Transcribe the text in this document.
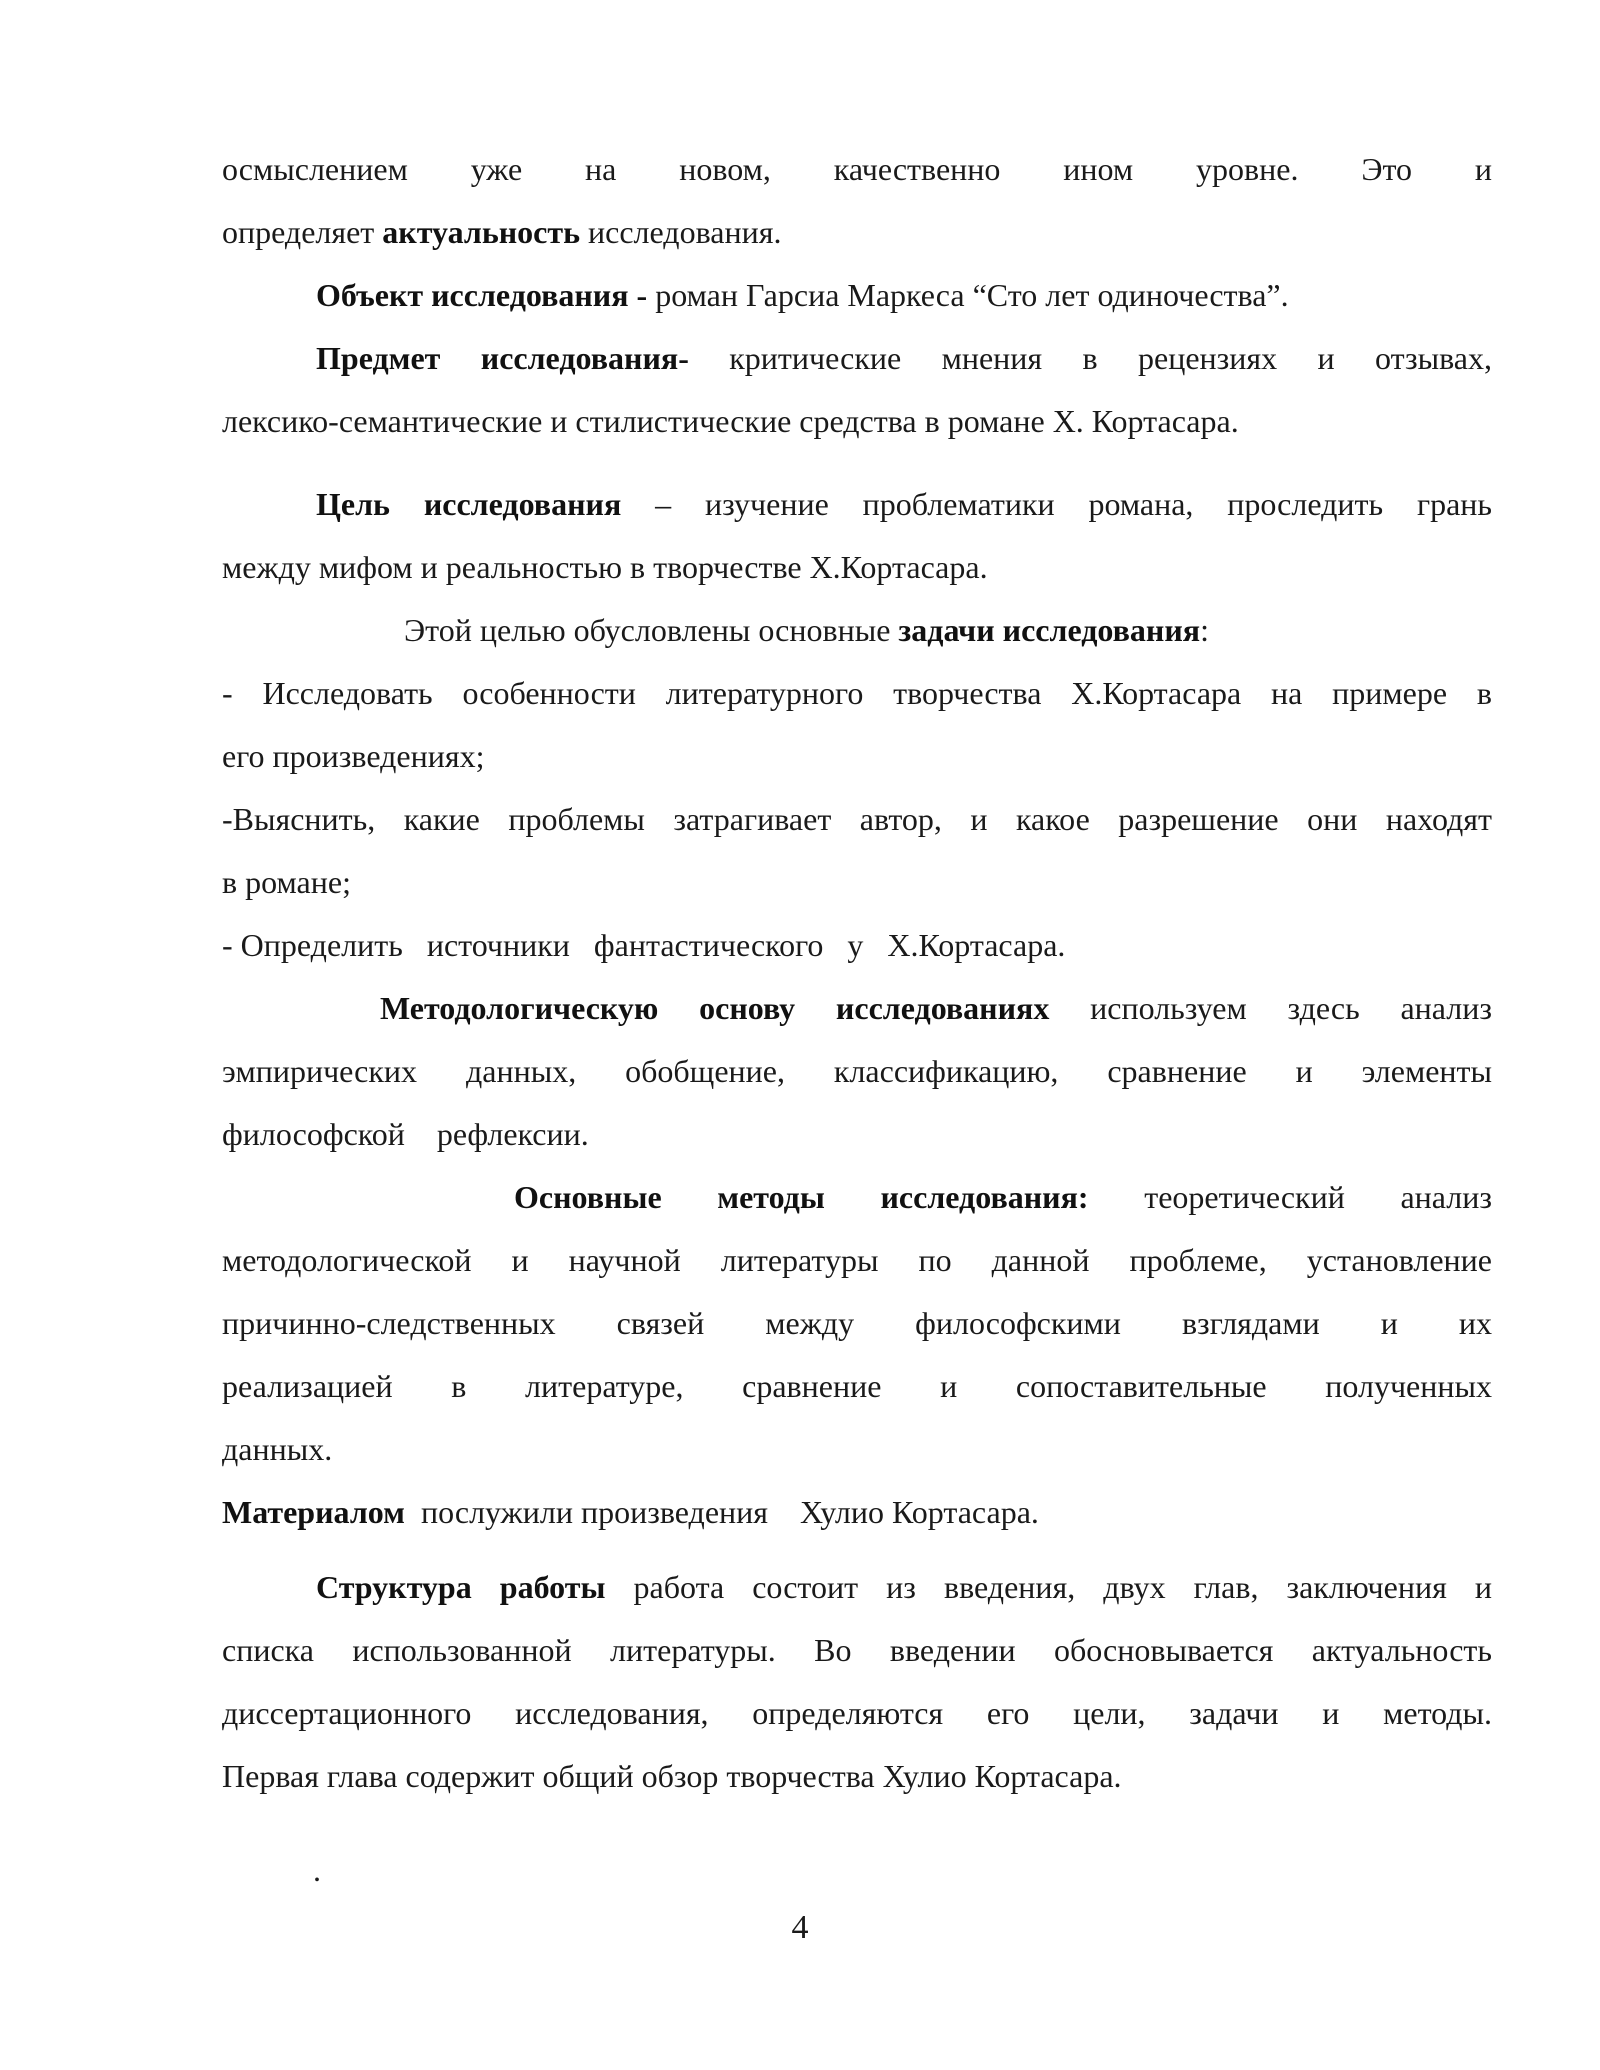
осмыслением уже на новом, качественно ином уровне. Это и

определяет актуальность исследования.

Объект исследования - роман Гарсиа Маркеса “Сто лет одиночества”.

Предмет исследования- критические мнения в рецензиях и отзывах,

лексико-семантические и стилистические средства в романе Х. Кортасара.

Цель исследования – изучение проблематики романа, проследить грань

между мифом и реальностью в творчестве Х.Кортасара.

Этой целью обусловлены основные задачи исследования:

- Исследовать особенности литературного творчества Х.Кортасара на примере в

его произведениях;

-Выяснить, какие проблемы затрагивает автор, и какое разрешение они находят

в романе;

- Определить   источники   фантастического   у   Х.Кортасара.

Методологическую основу исследованиях используем здесь анализ

эмпирических данных, обобщение, классификацию, сравнение и элементы

философской    рефлексии.

Основные методы исследования: теоретический анализ

методологической и научной литературы по данной проблеме, установление

причинно-следственных связей между философскими взглядами и их

реализацией в литературе, сравнение и сопоставительные полученных

данных.

Материалом  послужили произведения    Хулио Кортасара.

Структура работы работа состоит из введения, двух глав, заключения и

списка использованной литературы. Во введении обосновывается актуальность

диссертационного исследования, определяются его цели, задачи и методы.

Первая глава содержит общий обзор творчества Хулио Кортасара.

.
4
